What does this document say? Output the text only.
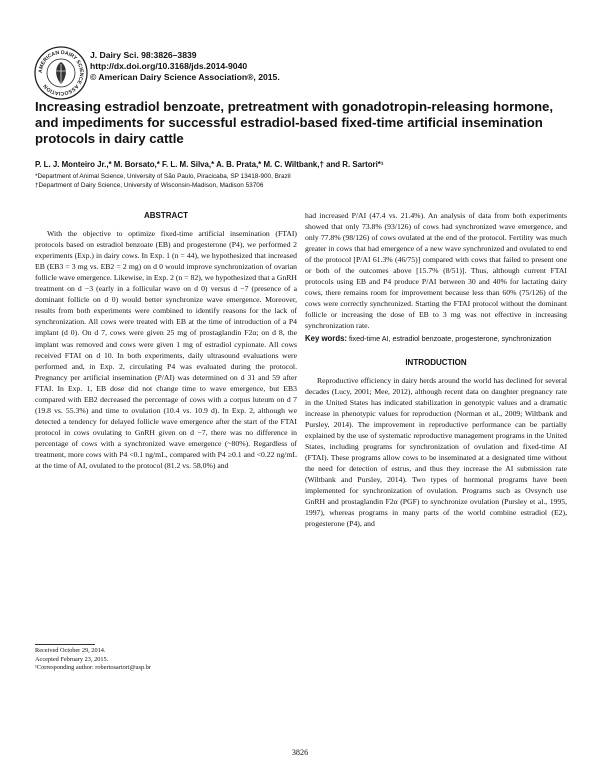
AMERICAN DAIRY SCIENCE ASSOCIATION
J. Dairy Sci. 98:3826–3839
http://dx.doi.org/10.3168/jds.2014-9040
© American Dairy Science Association®, 2015.
Increasing estradiol benzoate, pretreatment with gonadotropin-releasing hormone, and impediments for successful estradiol-based fixed-time artificial insemination protocols in dairy cattle
P. L. J. Monteiro Jr.,* M. Borsato,* F. L. M. Silva,* A. B. Prata,* M. C. Wiltbank,† and R. Sartori*¹
*Department of Animal Science, University of São Paulo, Piracicaba, SP 13418-900, Brazil
†Department of Dairy Science, University of Wisconsin-Madison, Madison 53706
ABSTRACT

With the objective to optimize fixed-time artificial insemination (FTAI) protocols based on estradiol benzoate (EB) and progesterone (P4), we performed 2 experiments (Exp.) in dairy cows. In Exp. 1 (n = 44), we hypothesized that increased EB (EB3 = 3 mg vs. EB2 = 2 mg) on d 0 would improve synchronization of ovarian follicle wave emergence. Likewise, in Exp. 2 (n = 82), we hypothesized that a GnRH treatment on d −3 (early in a follicular wave on d 0) versus d −7 (presence of a dominant follicle on d 0) would better synchronize wave emergence. Moreover, results from both experiments were combined to identify reasons for the lack of synchronization. All cows were treated with EB at the time of introduction of a P4 implant (d 0). On d 7, cows were given 25 mg of prostaglandin F2α; on d 8, the implant was removed and cows were given 1 mg of estradiol cypionate. All cows received FTAI on d 10. In both experiments, daily ultrasound evaluations were performed and, in Exp. 2, circulating P4 was evaluated during the protocol. Pregnancy per artificial insemination (P/AI) was determined on d 31 and 59 after FTAI. In Exp. 1, EB dose did not change time to wave emergence, but EB3 compared with EB2 decreased the percentage of cows with a corpus luteum on d 7 (19.8 vs. 55.3%) and time to ovulation (10.4 vs. 10.9 d). In Exp. 2, although we detected a tendency for delayed follicle wave emergence after the start of the FTAI protocol in cows ovulating to GnRH given on d −7, there was no difference in percentage of cows with a synchronized wave emergence (~80%). Regardless of treatment, more cows with P4 <0.1 ng/mL, compared with P4 ≥0.1 and <0.22 ng/mL at the time of AI, ovulated to the protocol (81.2 vs. 58.0%) and

had increased P/AI (47.4 vs. 21.4%). An analysis of data from both experiments showed that only 73.8% (93/126) of cows had synchronized wave emergence, and only 77.8% (98/126) of cows ovulated at the end of the protocol. Fertility was much greater in cows that had emergence of a new wave synchronized and ovulated to end of the protocol [P/AI 61.3% (46/75)] compared with cows that failed to present one or both of the outcomes above [15.7% (8/51)]. Thus, although current FTAI protocols using EB and P4 produce P/AI between 30 and 40% for lactating dairy cows, there remains room for improvement because less than 60% (75/126) of the cows were correctly synchronized. Starting the FTAI protocol without the dominant follicle or increasing the dose of EB to 3 mg was not effective in increasing synchronization rate.

Key words: fixed-time AI, estradiol benzoate, progesterone, synchronization

INTRODUCTION

Reproductive efficiency in dairy herds around the world has declined for several decades (Lucy, 2001; Mee, 2012), although recent data on daughter pregnancy rate in the United States has indicated stabilization in genotypic values and a dramatic increase in phenotypic values for reproduction (Norman et al., 2009; Wiltbank and Pursley, 2014). The improvement in reproductive performance can be partially explained by the use of systematic reproductive management programs in the United States, including programs for synchronization of ovulation and fixed-time AI (FTAI). These programs allow cows to be inseminated at a designated time without the need for detection of estrus, and thus they increase the AI submission rate (Wiltbank and Pursley, 2014). Two types of hormonal programs have been implemented for synchronization of ovulation. Programs such as Ovsynch use GnRH and prostaglandin F2α (PGF) to synchronize ovulation (Pursley et al., 1995, 1997), whereas programs in many parts of the world combine estradiol (E2), progesterone (P4), and

Received October 29, 2014.
Accepted February 23, 2015.
¹Corresponding author: robertosartori@usp.br
3826
